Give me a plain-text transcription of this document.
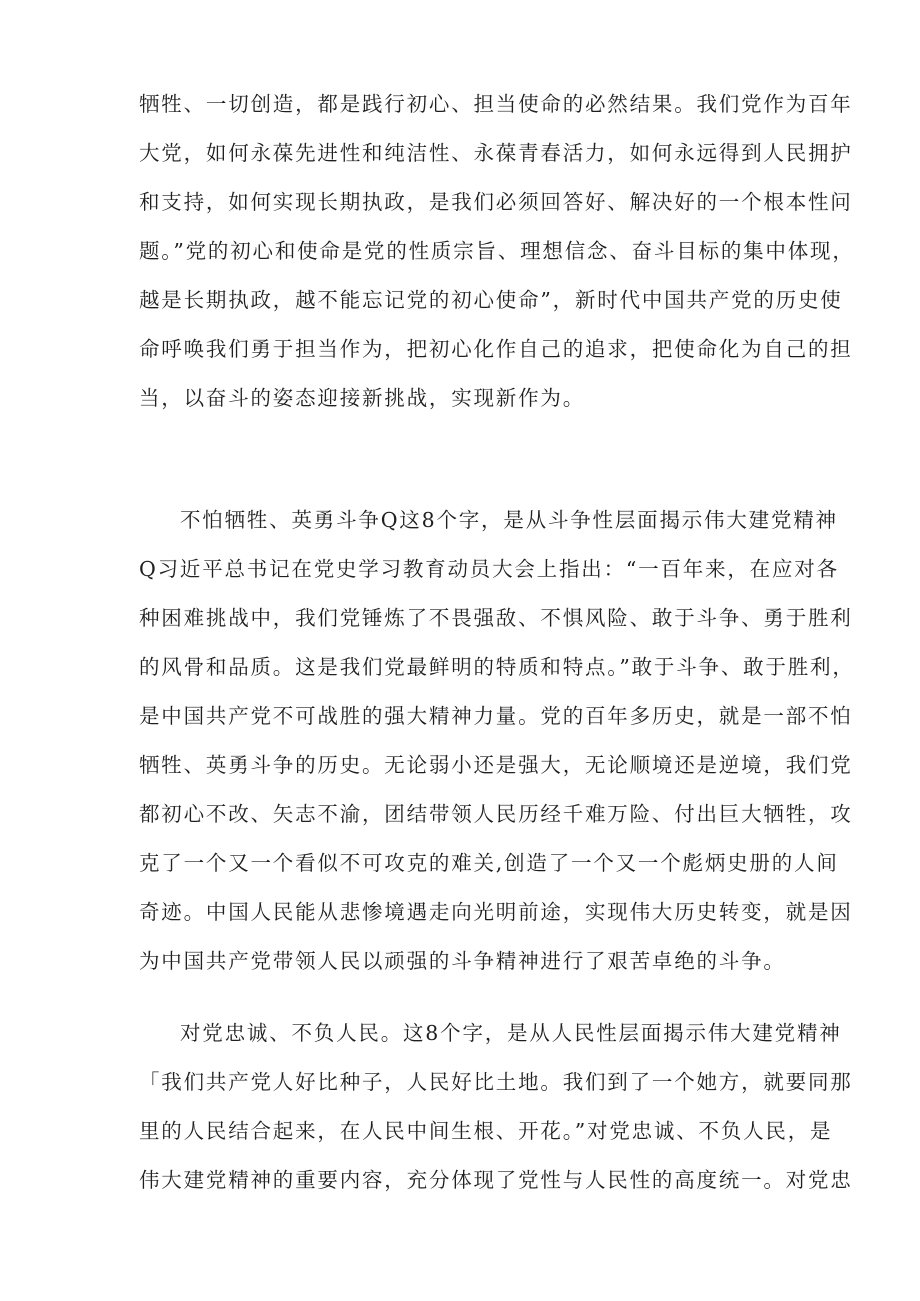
牺牲、一切创造，都是践行初心、担当使命的必然结果。我们党作为百年
大党，如何永葆先进性和纯洁性、永葆青春活力，如何永远得到人民拥护
和支持，如何实现长期执政，是我们必须回答好、解决好的一个根本性问
题。”党的初心和使命是党的性质宗旨、理想信念、奋斗目标的集中体现，
越是长期执政，越不能忘记党的初心使命”，新时代中国共产党的历史使
命呼唤我们勇于担当作为，把初心化作自己的追求，把使命化为自己的担
当，以奋斗的姿态迎接新挑战，实现新作为。
不怕牺牲、英勇斗争Q这8个字，是从斗争性层面揭示伟大建党精神
Q习近平总书记在党史学习教育动员大会上指出：“一百年来，在应对各
种困难挑战中，我们党锤炼了不畏强敌、不惧风险、敢于斗争、勇于胜利
的风骨和品质。这是我们党最鲜明的特质和特点。”敢于斗争、敢于胜利，
是中国共产党不可战胜的强大精神力量。党的百年多历史，就是一部不怕
牺牲、英勇斗争的历史。无论弱小还是强大，无论顺境还是逆境，我们党
都初心不改、矢志不渝，团结带领人民历经千难万险、付出巨大牺牲，攻
克了一个又一个看似不可攻克的难关,创造了一个又一个彪炳史册的人间
奇迹。中国人民能从悲惨境遇走向光明前途，实现伟大历史转变，就是因
为中国共产党带领人民以顽强的斗争精神进行了艰苦卓绝的斗争。
对党忠诚、不负人民。这8个字，是从人民性层面揭示伟大建党精神
「我们共产党人好比种子，人民好比土地。我们到了一个她方，就要同那
里的人民结合起来，在人民中间生根、开花。”对党忠诚、不负人民，是
伟大建党精神的重要内容，充分体现了党性与人民性的高度统一。对党忠
